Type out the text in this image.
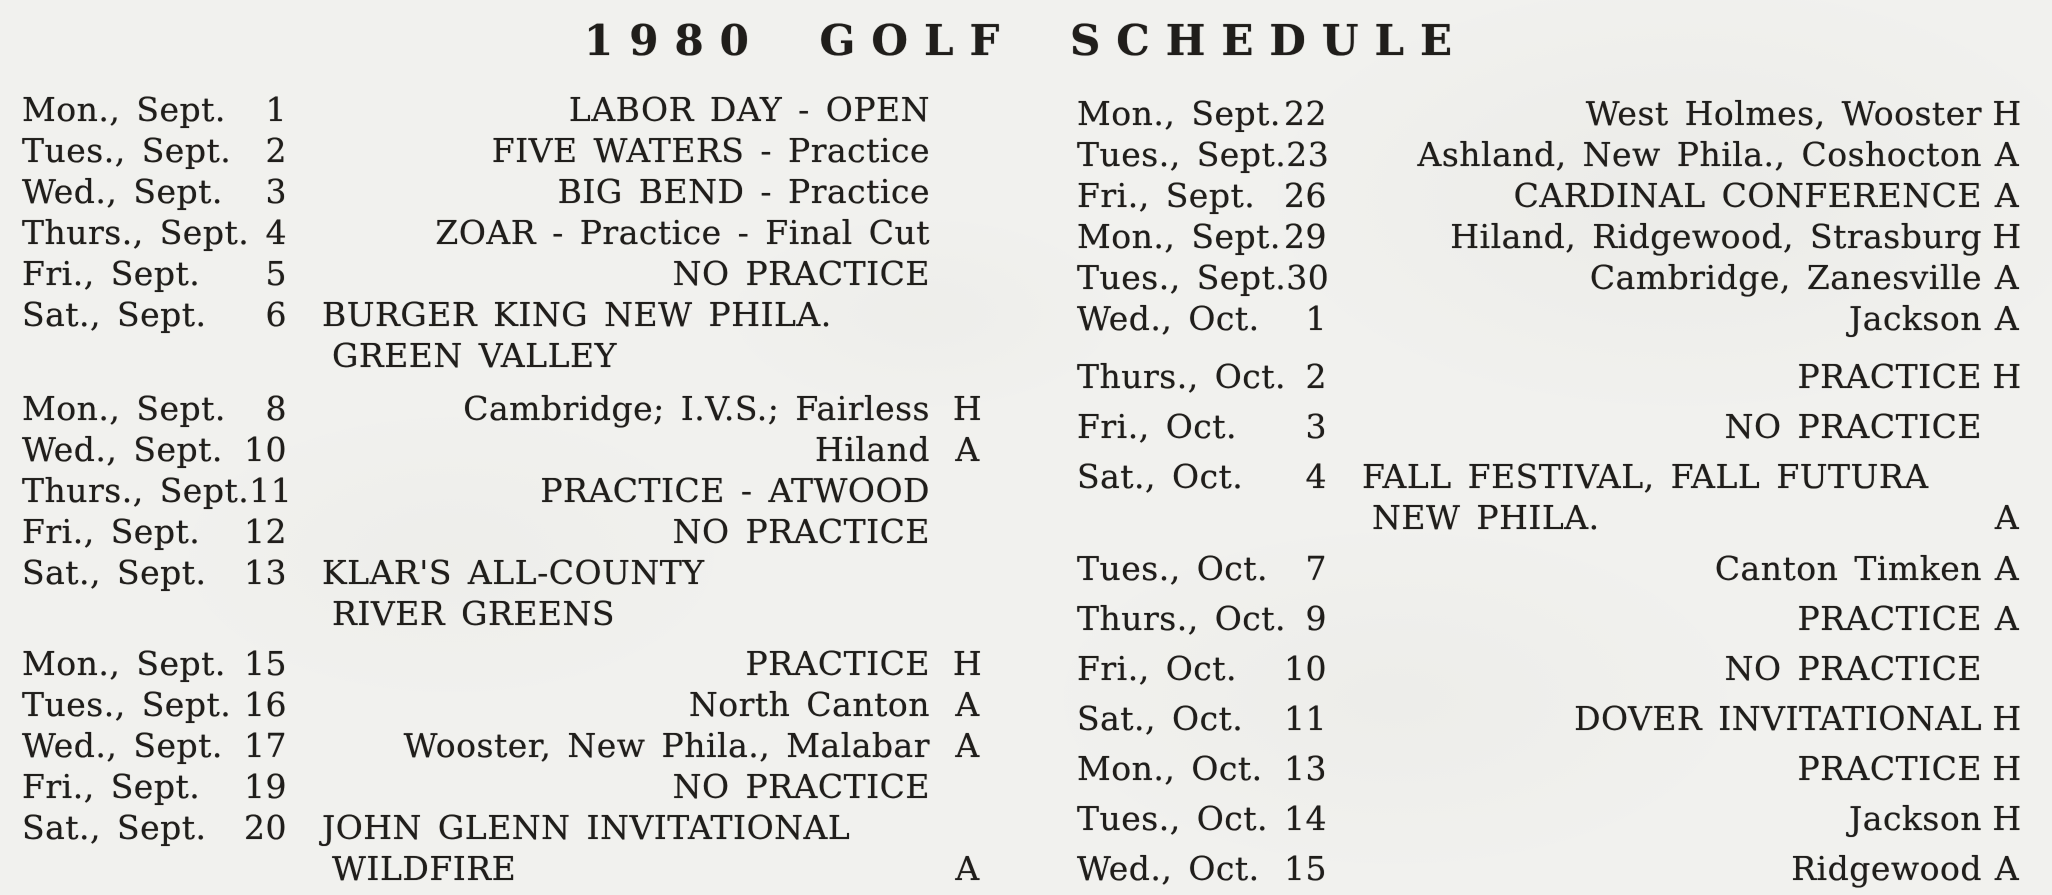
1980 GOLF SCHEDULE
Mon., Sept. 1	LABOR DAY - OPEN
Tues., Sept. 2	FIVE WATERS - Practice
Wed., Sept. 3	BIG BEND - Practice
Thurs., Sept. 4	ZOAR - Practice - Final Cut
Fri., Sept. 5	NO PRACTICE
Sat., Sept. 6 BURGER KING NEW PHILA.
GREEN VALLEY
Mon., Sept. 8	Cambridge; I.V.S.; Fairless H
Wed., Sept. 10	Hiland A
Thurs., Sept. 11	PRACTICE - ATWOOD
Fri., Sept. 12	NO PRACTICE
Sat., Sept. 13 KLAR'S ALL-COUNTY
RIVER GREENS
Mon., Sept. 15	PRACTICE H
Tues., Sept. 16	North Canton A
Wed., Sept. 17	Wooster, New Phila., Malabar A
Fri., Sept. 19	NO PRACTICE
Sat., Sept. 20 JOHN GLENN INVITATIONAL
WILDFIRE	A
Mon., Sept. 22	West Holmes, Wooster H
Tues., Sept. 23	Ashland, New Phila., Coshocton A
Fri., Sept. 26	CARDINAL CONFERENCE A
Mon., Sept. 29	Hiland, Ridgewood, Strasburg H
Tues., Sept. 30	Cambridge, Zanesville A
Wed., Oct. 1	Jackson A
Thurs., Oct. 2	PRACTICE H
Fri., Oct. 3	NO PRACTICE
Sat., Oct. 4 FALL FESTIVAL, FALL FUTURA
NEW PHILA.	A
Tues., Oct. 7	Canton Timken A
Thurs., Oct. 9	PRACTICE A
Fri., Oct. 10	NO PRACTICE
Sat., Oct. 11	DOVER INVITATIONAL H
Mon., Oct. 13	PRACTICE H
Tues., Oct. 14	Jackson H
Wed., Oct. 15	Ridgewood A
